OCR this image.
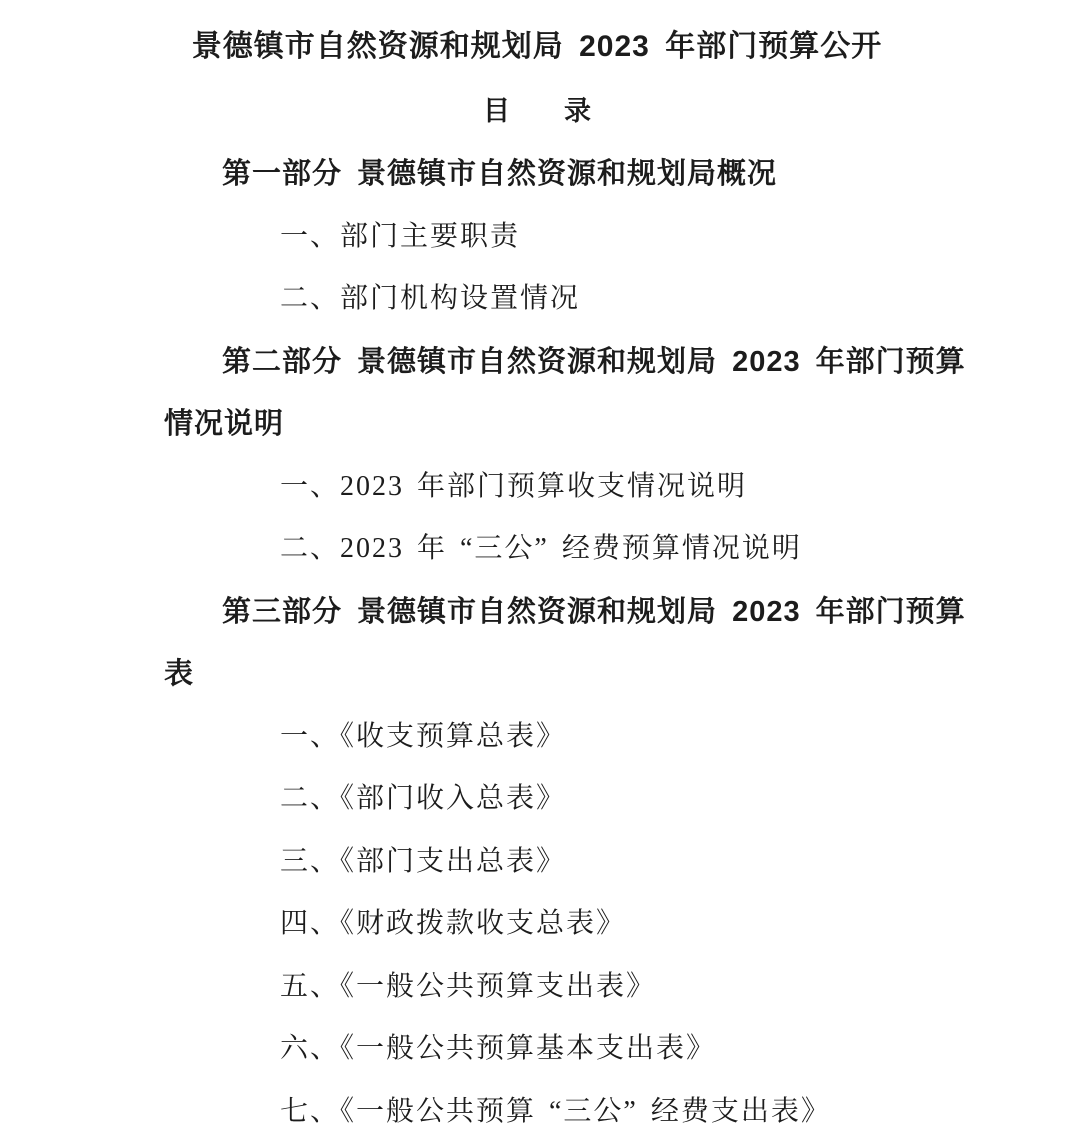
景德镇市自然资源和规划局 2023 年部门预算公开
目 录
第一部分 景德镇市自然资源和规划局概况
一、部门主要职责
二、部门机构设置情况
第二部分 景德镇市自然资源和规划局 2023 年部门预算
情况说明
一、2023 年部门预算收支情况说明
二、2023 年 “三公” 经费预算情况说明
第三部分 景德镇市自然资源和规划局 2023 年部门预算
表
一、《收支预算总表》
二、《部门收入总表》
三、《部门支出总表》
四、《财政拨款收支总表》
五、《一般公共预算支出表》
六、《一般公共预算基本支出表》
七、《一般公共预算 “三公” 经费支出表》
